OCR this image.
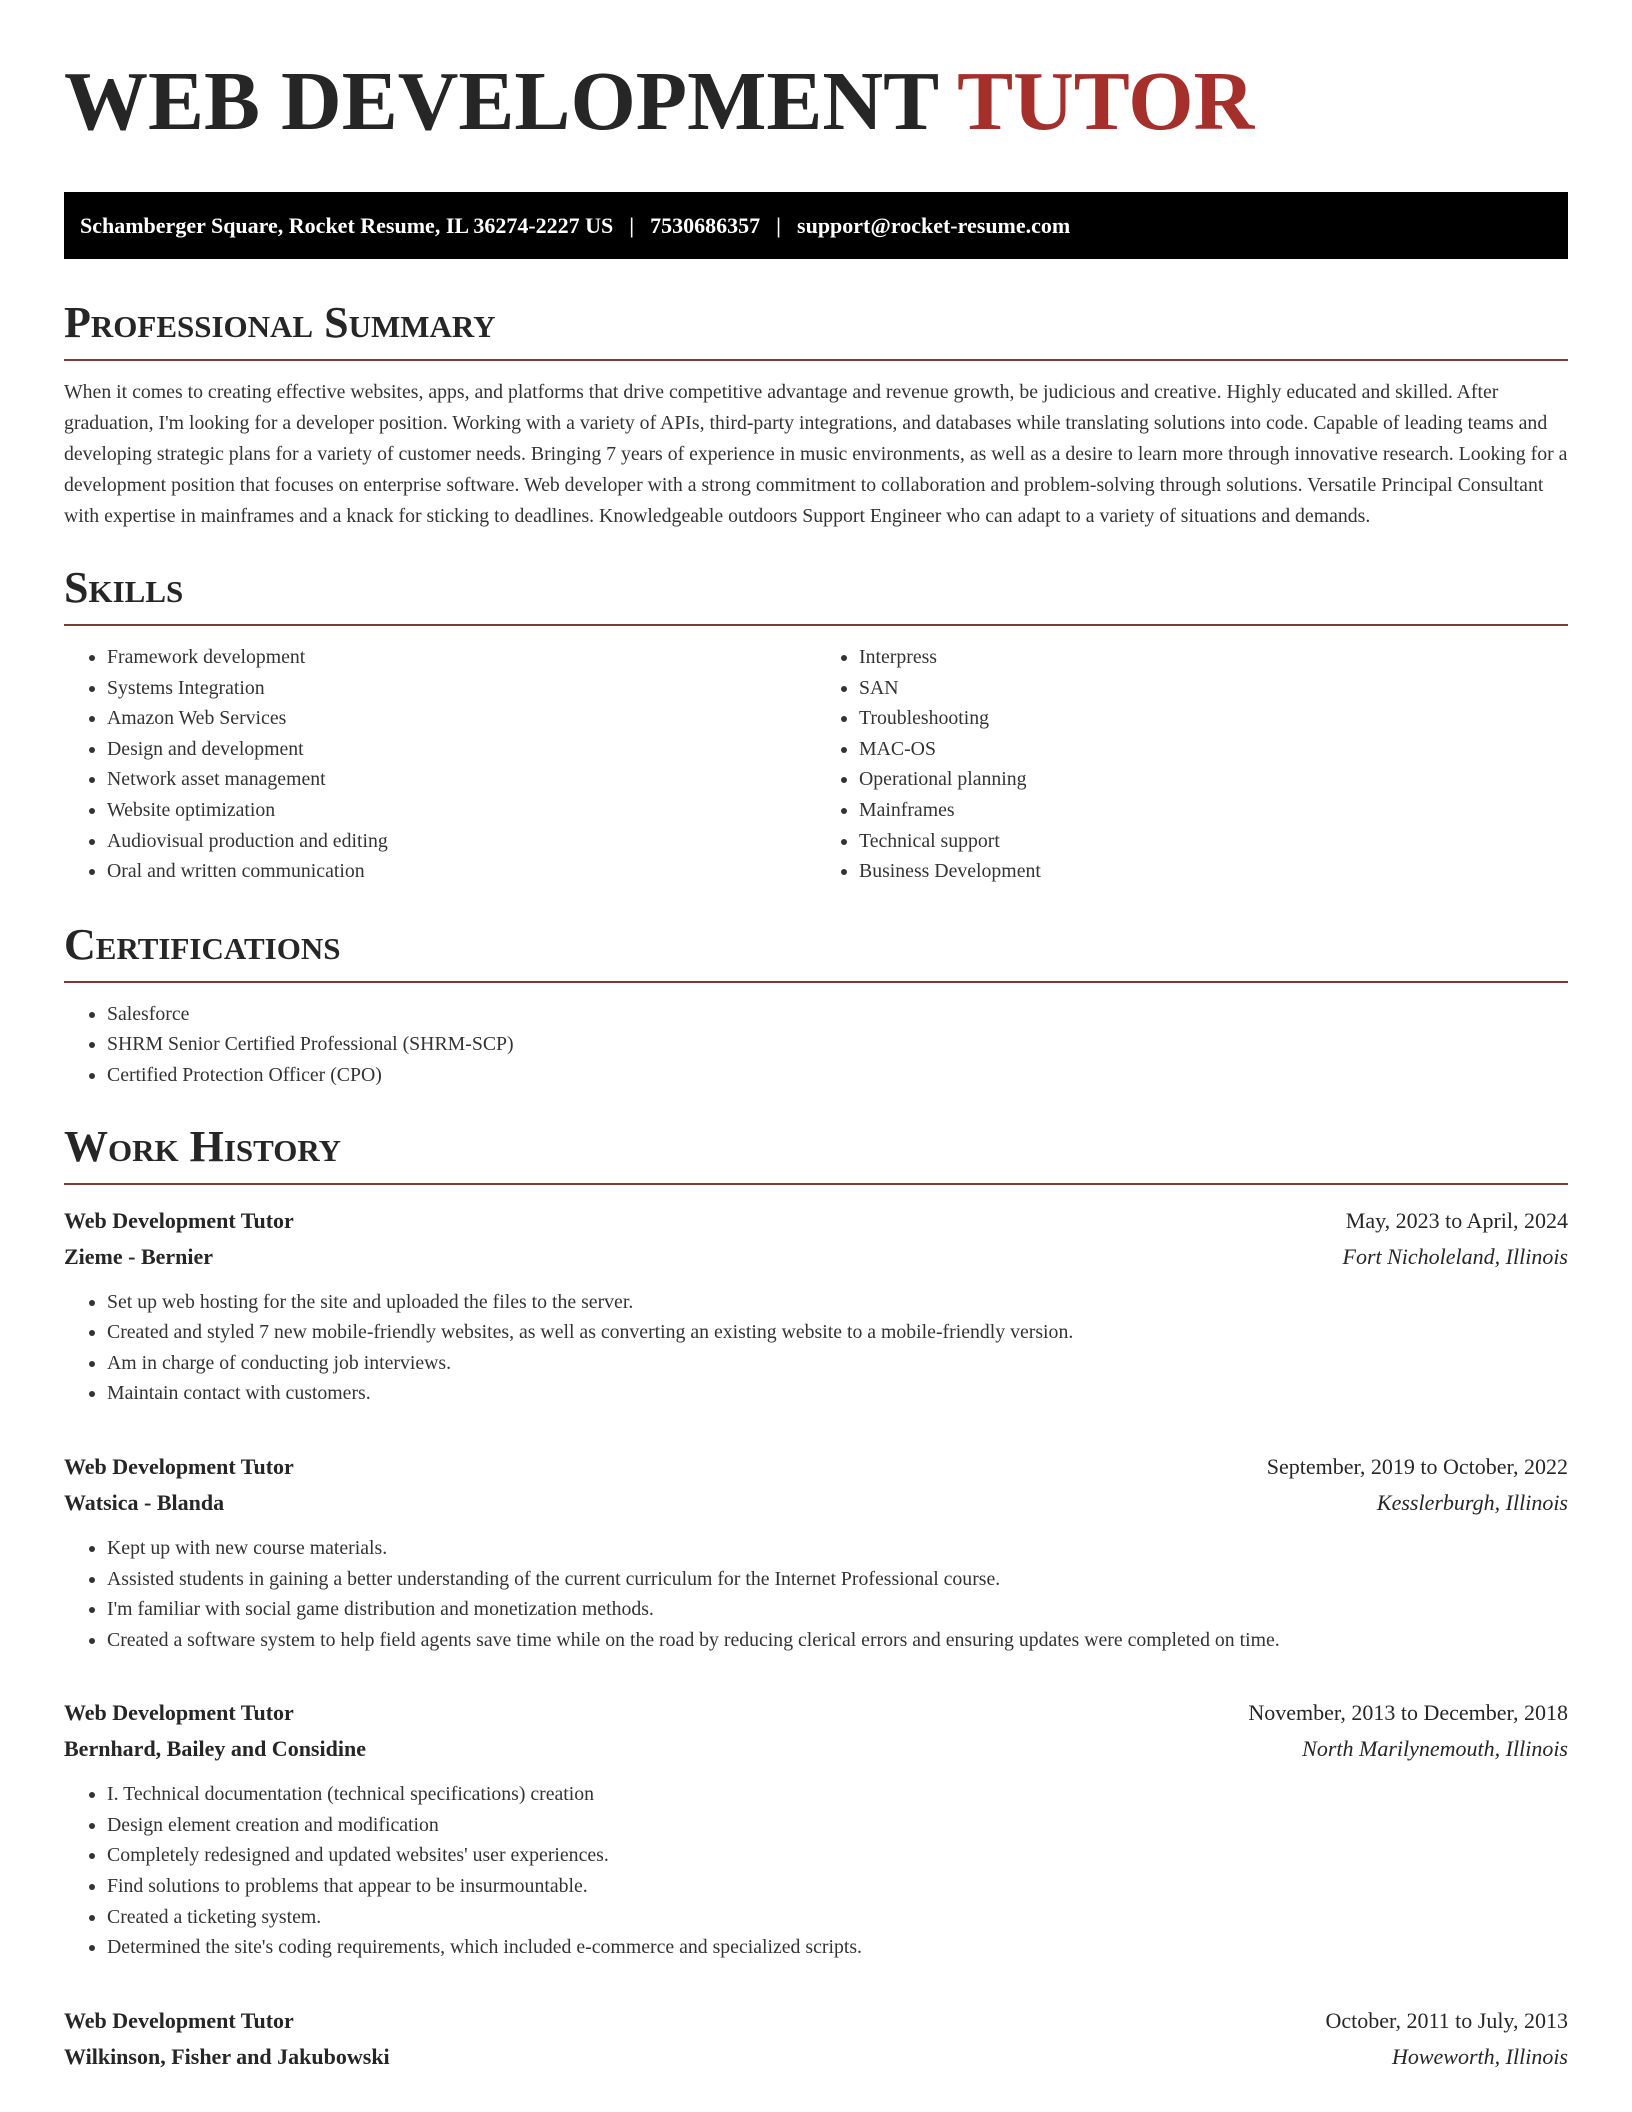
WEB DEVELOPMENT TUTOR
Schamberger Square, Rocket Resume, IL 36274-2227 US | 7530686357 | support@rocket-resume.com
Professional Summary

When it comes to creating effective websites, apps, and platforms that drive competitive advantage and revenue growth, be judicious and creative. Highly educated and skilled. After graduation, I'm looking for a developer position. Working with a variety of APIs, third-party integrations, and databases while translating solutions into code. Capable of leading teams and developing strategic plans for a variety of customer needs. Bringing 7 years of experience in music environments, as well as a desire to learn more through innovative research. Looking for a development position that focuses on enterprise software. Web developer with a strong commitment to collaboration and problem-solving through solutions. Versatile Principal Consultant with expertise in mainframes and a knack for sticking to deadlines. Knowledgeable outdoors Support Engineer who can adapt to a variety of situations and demands.

Skills
• Framework development
• Systems Integration
• Amazon Web Services
• Design and development
• Network asset management
• Website optimization
• Audiovisual production and editing
• Oral and written communication
• Interpress
• SAN
• Troubleshooting
• MAC-OS
• Operational planning
• Mainframes
• Technical support
• Business Development
Certifications
• Salesforce
• SHRM Senior Certified Professional (SHRM-SCP)
• Certified Protection Officer (CPO)
Work History
Web Development Tutor	May, 2023 to April, 2024
Zieme - Bernier	Fort Nicholeland, Illinois
• Set up web hosting for the site and uploaded the files to the server.
• Created and styled 7 new mobile-friendly websites, as well as converting an existing website to a mobile-friendly version.
• Am in charge of conducting job interviews.
• Maintain contact with customers.
Web Development Tutor	September, 2019 to October, 2022
Watsica - Blanda	Kesslerburgh, Illinois
• Kept up with new course materials.
• Assisted students in gaining a better understanding of the current curriculum for the Internet Professional course.
• I'm familiar with social game distribution and monetization methods.
• Created a software system to help field agents save time while on the road by reducing clerical errors and ensuring updates were completed on time.
Web Development Tutor	November, 2013 to December, 2018
Bernhard, Bailey and Considine	North Marilynemouth, Illinois
• I. Technical documentation (technical specifications) creation
• Design element creation and modification
• Completely redesigned and updated websites' user experiences.
• Find solutions to problems that appear to be insurmountable.
• Created a ticketing system.
• Determined the site's coding requirements, which included e-commerce and specialized scripts.
Web Development Tutor	October, 2011 to July, 2013
Wilkinson, Fisher and Jakubowski	Howeworth, Illinois
